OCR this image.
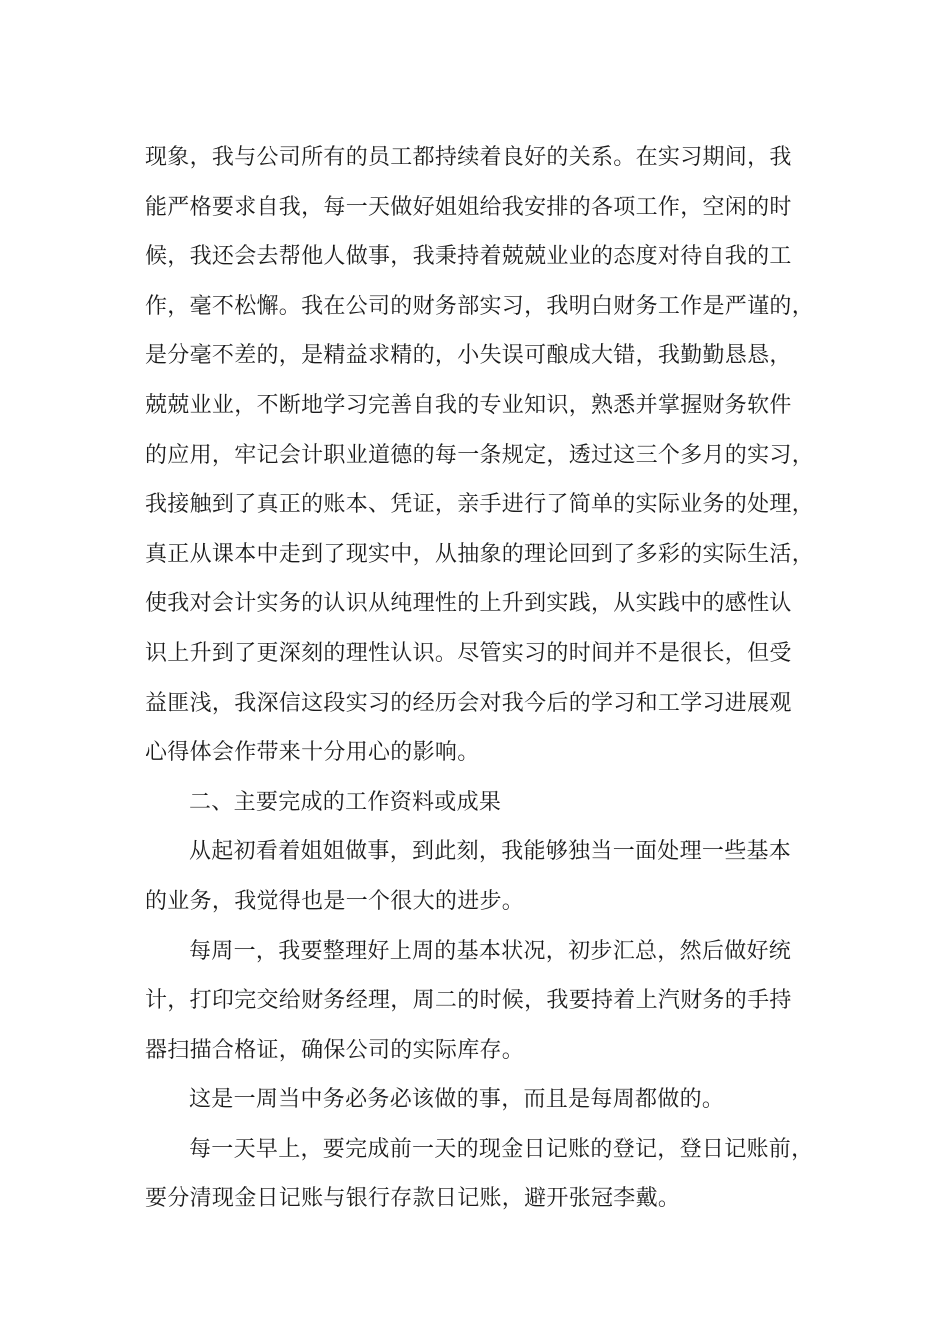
现象，我与公司所有的员工都持续着良好的关系。在实习期间，我
能严格要求自我，每一天做好姐姐给我安排的各项工作，空闲的时
候，我还会去帮他人做事，我秉持着兢兢业业的态度对待自我的工
作，毫不松懈。我在公司的财务部实习，我明白财务工作是严谨的，
是分毫不差的，是精益求精的，小失误可酿成大错，我勤勤恳恳，
兢兢业业，不断地学习完善自我的专业知识，熟悉并掌握财务软件
的应用，牢记会计职业道德的每一条规定，透过这三个多月的实习，
我接触到了真正的账本、凭证，亲手进行了简单的实际业务的处理，
真正从课本中走到了现实中，从抽象的理论回到了多彩的实际生活，
使我对会计实务的认识从纯理性的上升到实践，从实践中的感性认
识上升到了更深刻的理性认识。尽管实习的时间并不是很长，但受
益匪浅，我深信这段实习的经历会对我今后的学习和工学习进展观
心得体会作带来十分用心的影响。
二、主要完成的工作资料或成果
从起初看着姐姐做事，到此刻，我能够独当一面处理一些基本
的业务，我觉得也是一个很大的进步。
每周一，我要整理好上周的基本状况，初步汇总，然后做好统
计，打印完交给财务经理，周二的时候，我要持着上汽财务的手持
器扫描合格证，确保公司的实际库存。
这是一周当中务必务必该做的事，而且是每周都做的。
每一天早上，要完成前一天的现金日记账的登记，登日记账前，
要分清现金日记账与银行存款日记账，避开张冠李戴。
